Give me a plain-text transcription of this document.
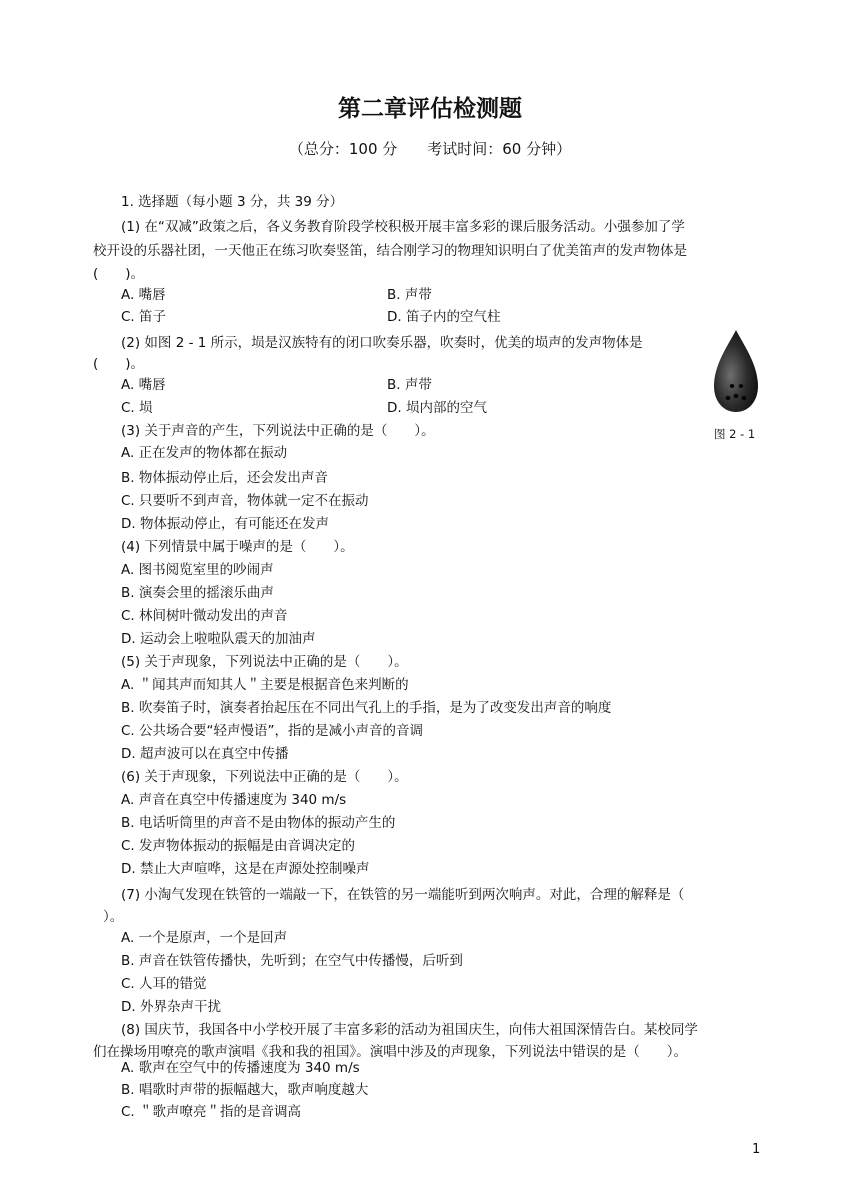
第二章评估检测题
（总分：100 分　　考试时间：60 分钟）
1. 选择题（每小题 3 分，共 39 分）
(1) 在“双减”政策之后，各义务教育阶段学校积极开展丰富多彩的课后服务活动。小强参加了学
校开设的乐器社团，一天他正在练习吹奏竖笛，结合刚学习的物理知识明白了优美笛声的发声物体是
(　　)。
A. 嘴唇	B. 声带
C. 笛子	D. 笛子内的空气柱
(2) 如图 2 - 1 所示，埙是汉族特有的闭口吹奏乐器，吹奏时，优美的埙声的发声物体是
(　　)。
A. 嘴唇	B. 声带
C. 埙	D. 埙内部的空气
图 2 - 1
(3) 关于声音的产生，下列说法中正确的是（　　）。
A. 正在发声的物体都在振动
B. 物体振动停止后，还会发出声音
C. 只要听不到声音，物体就一定不在振动
D. 物体振动停止，有可能还在发声
(4) 下列情景中属于噪声的是（　　）。
A. 图书阅览室里的吵闹声
B. 演奏会里的摇滚乐曲声
C. 林间树叶微动发出的声音
D. 运动会上啦啦队震天的加油声
(5) 关于声现象，下列说法中正确的是（　　）。
A. ＂闻其声而知其人＂主要是根据音色来判断的
B. 吹奏笛子时，演奏者抬起压在不同出气孔上的手指，是为了改变发出声音的响度
C. 公共场合要“轻声慢语”，指的是减小声音的音调
D. 超声波可以在真空中传播
(6) 关于声现象，下列说法中正确的是（　　）。
A. 声音在真空中传播速度为 340 m/s
B. 电话听筒里的声音不是由物体的振动产生的
C. 发声物体振动的振幅是由音调决定的
D. 禁止大声喧哗，这是在声源处控制噪声
(7) 小淘气发现在铁管的一端敲一下，在铁管的另一端能听到两次响声。对此，合理的解释是（
）。
A. 一个是原声，一个是回声
B. 声音在铁管传播快，先听到；在空气中传播慢，后听到
C. 人耳的错觉
D. 外界杂声干扰
(8) 国庆节，我国各中小学校开展了丰富多彩的活动为祖国庆生，向伟大祖国深情告白。某校同学
们在操场用嘹亮的歌声演唱《我和我的祖国》。演唱中涉及的声现象，下列说法中错误的是（　　）。
A. 歌声在空气中的传播速度为 340 m/s
B. 唱歌时声带的振幅越大，歌声响度越大
C. ＂歌声嘹亮＂指的是音调高
1
